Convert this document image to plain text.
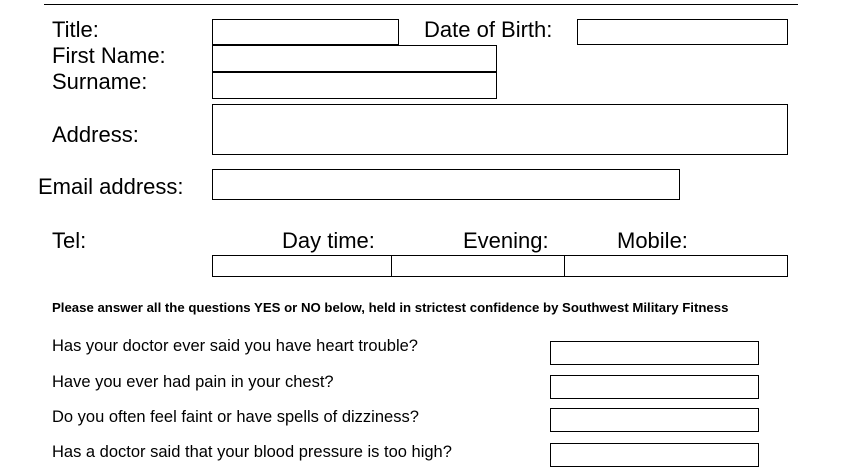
Title:	Date of Birth:
First Name:
Surname:
Address:
Email address:
Tel:	Day time:	Evening:	Mobile:
Please answer all the questions YES or NO below, held in strictest confidence by Southwest Military Fitness
Has your doctor ever said you have heart trouble?
Have you ever had pain in your chest?
Do you often feel faint or have spells of dizziness?
Has a doctor said that your blood pressure is too high?
